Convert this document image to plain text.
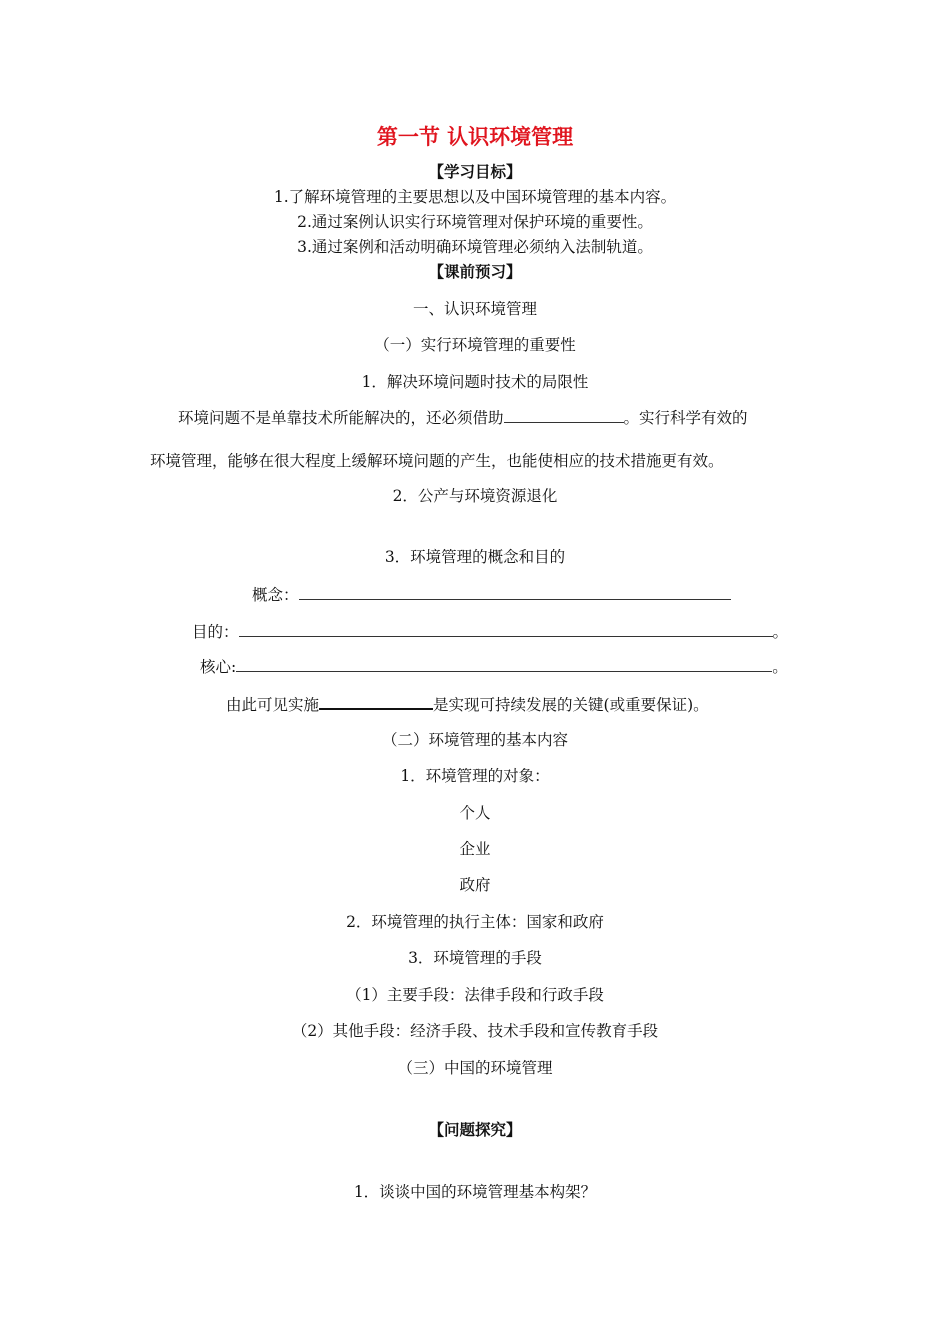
第一节 认识环境管理
【学习目标】
1.了解环境管理的主要思想以及中国环境管理的基本内容。
2.通过案例认识实行环境管理对保护环境的重要性。
3.通过案例和活动明确环境管理必须纳入法制轨道。
【课前预习】
一、认识环境管理
（一）实行环境管理的重要性
1．解决环境问题时技术的局限性
环境问题不是单靠技术所能解决的，还必须借助	。实行科学有效的
环境管理，能够在很大程度上缓解环境问题的产生，也能使相应的技术措施更有效。
2．公产与环境资源退化
3．环境管理的概念和目的
概念：
目的：	。
核心:	。
由此可见实施	是实现可持续发展的关键(或重要保证)。
（二）环境管理的基本内容
1．环境管理的对象：
个人
企业
政府
2．环境管理的执行主体：国家和政府
3．环境管理的手段
（1）主要手段：法律手段和行政手段
（2）其他手段：经济手段、技术手段和宣传教育手段
（三）中国的环境管理
【问题探究】
1．谈谈中国的环境管理基本构架？
